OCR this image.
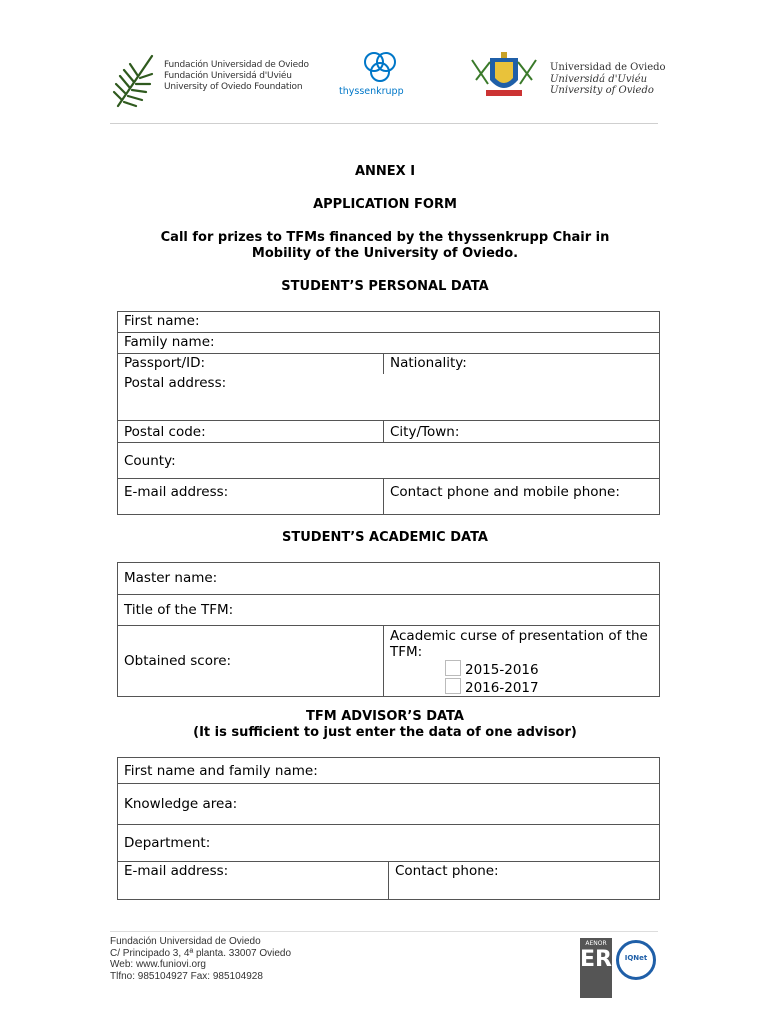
Fundación Universidad de Oviedo
Fundación Universidá d'Uviéu
University of Oviedo Foundation	thyssenkrupp
Universidad de Oviedo
Universidá d'Uviéu
University of Oviedo
ANNEX I
APPLICATION FORM
Call for prizes to TFMs financed by the thyssenkrupp Chair in
Mobility of the University of Oviedo.
STUDENT’S PERSONAL DATA
First name:	
Family name:	
Passport/ID:	Nationality:
Postal address:	
Postal code:	City/Town:
County:	
E-mail address:	Contact phone and mobile phone:
STUDENT’S ACADEMIC DATA
Master name:
Title of the TFM:
Obtained score:	
Academic curse of presentation of the TFM:
2015-2016
2016-2017
TFM ADVISOR’S DATA
(It is sufficient to just enter the data of one advisor)
First name and family name:
Knowledge area:
Department:
E-mail address:	Contact phone:
Fundación Universidad de Oviedo
C/ Principado 3, 4ª planta. 33007 Oviedo
Web: www.funiovi.org
Tlfno: 985104927 Fax: 985104928
AENOR
ER	IQNet
